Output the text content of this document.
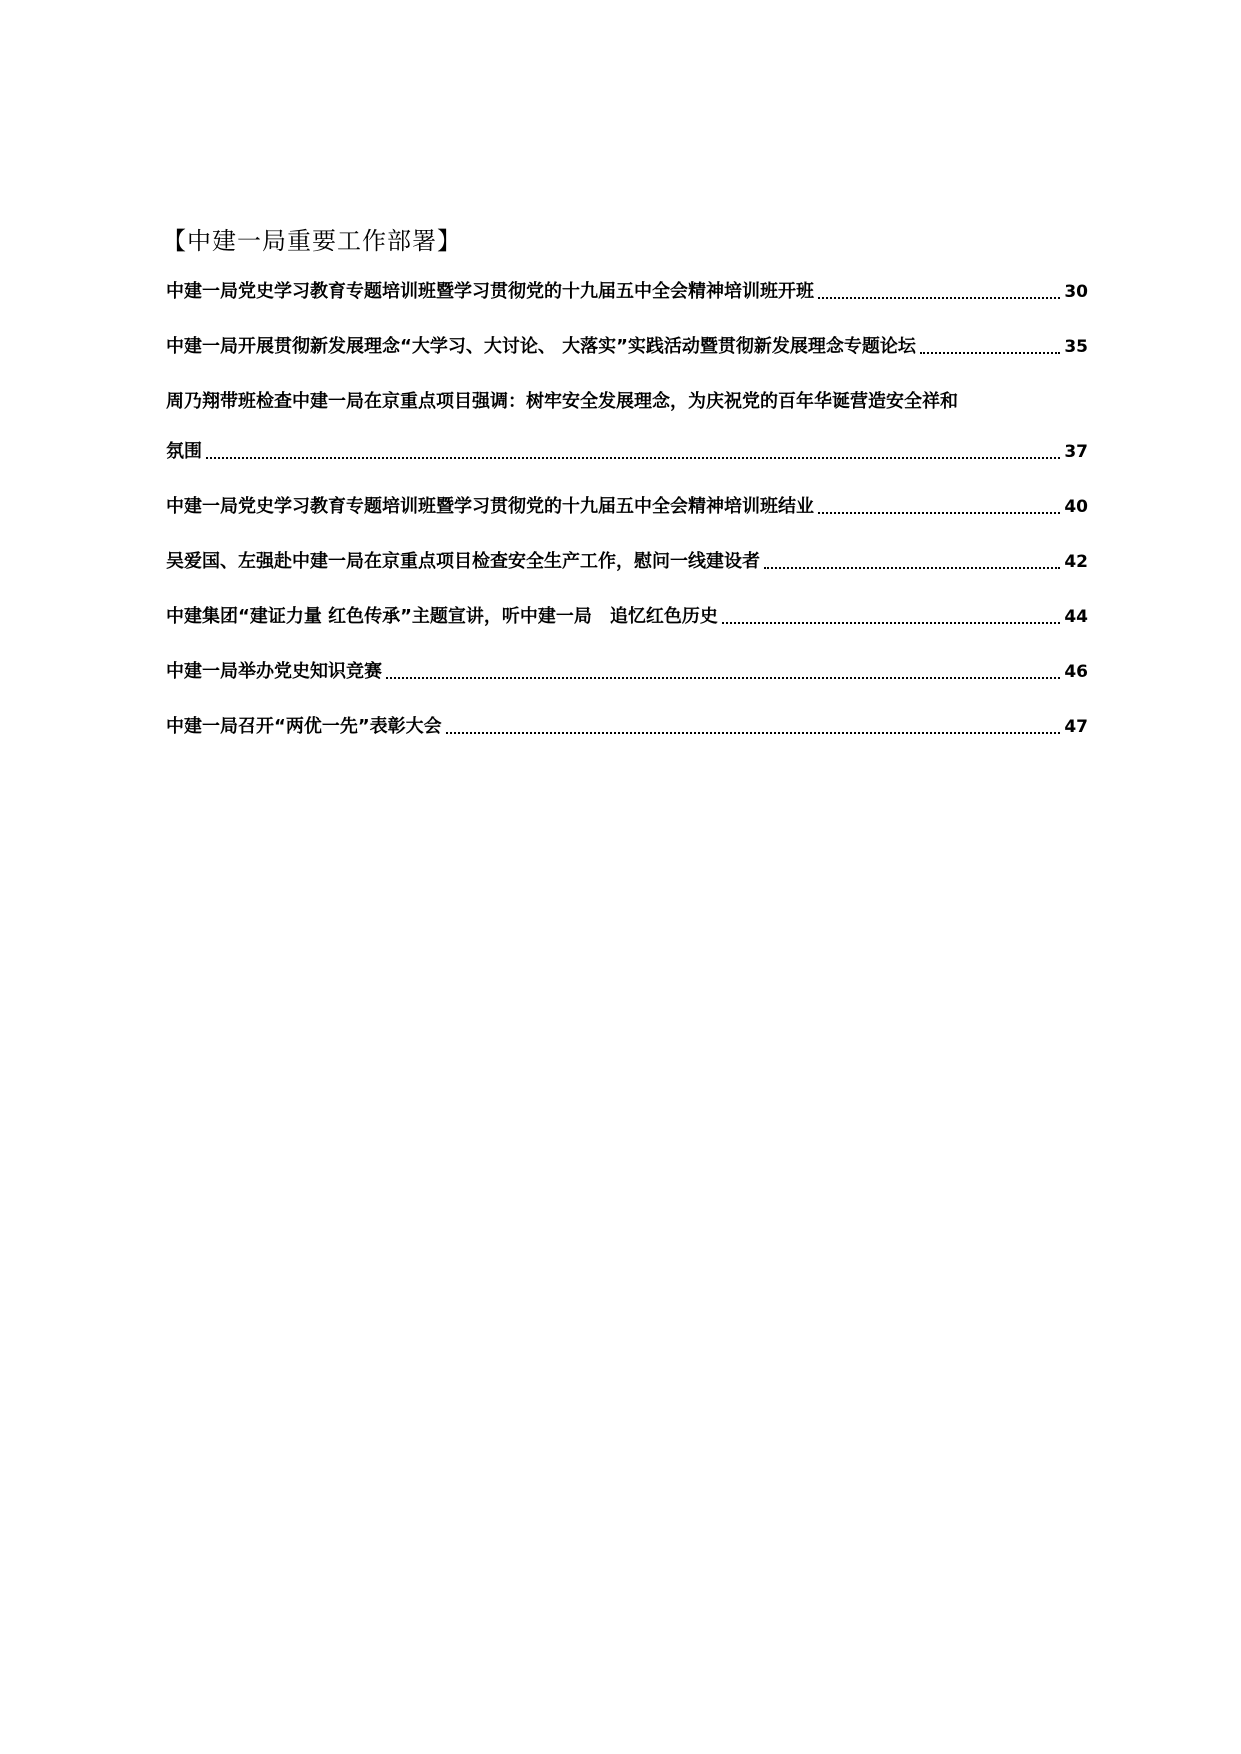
【中建一局重要工作部署】
中建一局党史学习教育专题培训班暨学习贯彻党的十九届五中全会精神培训班开班	30
中建一局开展贯彻新发展理念“大学习、大讨论、 大落实”实践活动暨贯彻新发展理念专题论坛	35
周乃翔带班检查中建一局在京重点项目强调：树牢安全发展理念，为庆祝党的百年华诞营造安全祥和
氛围	37
中建一局党史学习教育专题培训班暨学习贯彻党的十九届五中全会精神培训班结业	40
吴爱国、左强赴中建一局在京重点项目检查安全生产工作，慰问一线建设者	42
中建集团“建证力量 红色传承”主题宣讲，听中建一局　追忆红色历史	44
中建一局举办党史知识竞赛	46
中建一局召开“两优一先”表彰大会	47
